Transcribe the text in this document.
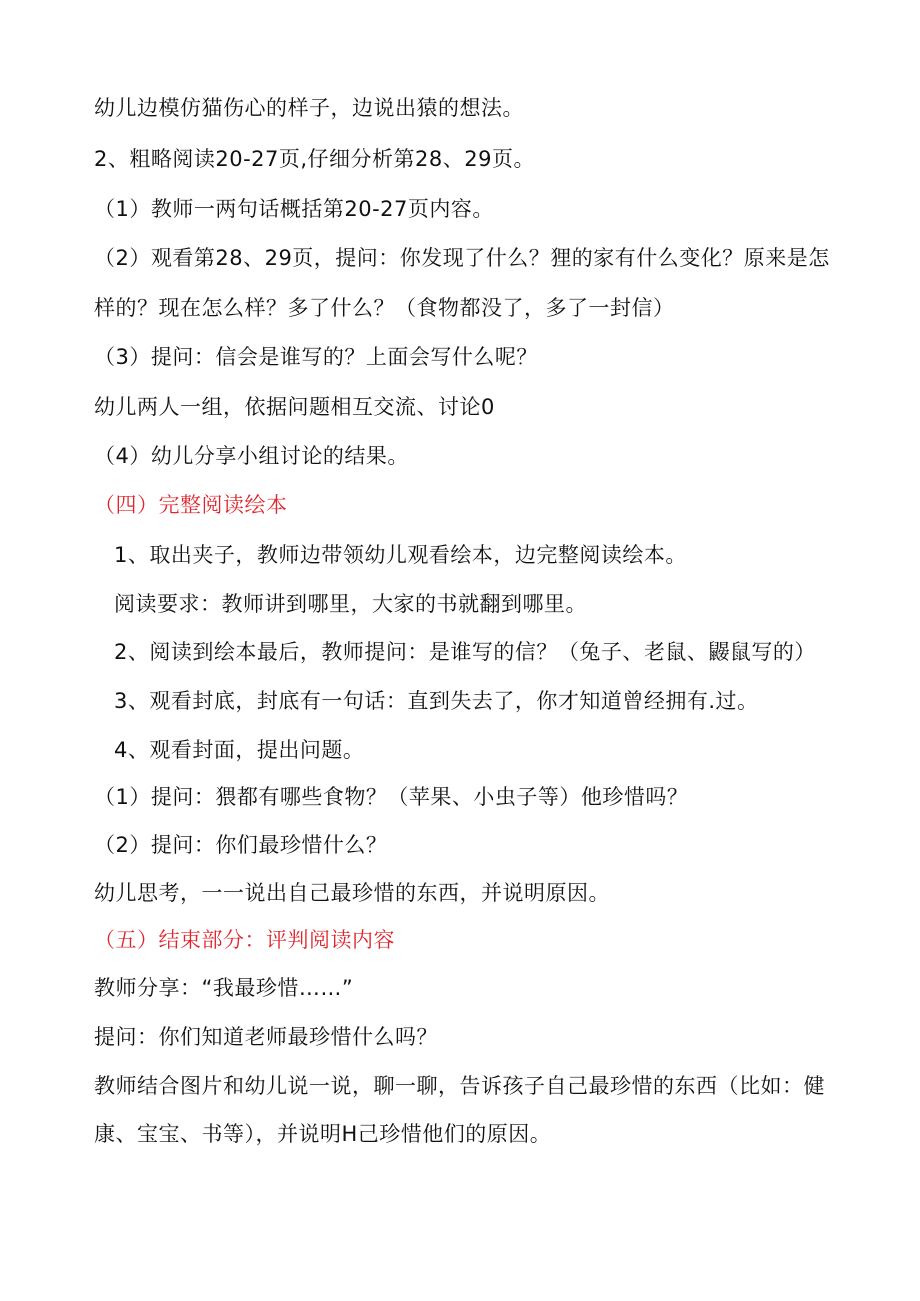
幼儿边模仿猫伤心的样子，边说出猿的想法。
2、粗略阅读20-27页,仔细分析第28、29页。
（1）教师一两句话概括第20-27页内容。
（2）观看第28、29页，提问：你发现了什么？狸的家有什么变化？原来是怎
样的？现在怎么样？多了什么？（食物都没了，多了一封信）
（3）提问：信会是谁写的？上面会写什么呢？
幼儿两人一组，依据问题相互交流、讨论0
（4）幼儿分享小组讨论的结果。
（四）完整阅读绘本
1、取出夹子，教师边带领幼儿观看绘本，边完整阅读绘本。
阅读要求：教师讲到哪里，大家的书就翻到哪里。
2、阅读到绘本最后，教师提问：是谁写的信？（兔子、老鼠、鼹鼠写的）
3、观看封底，封底有一句话：直到失去了，你才知道曾经拥有.过。
4、观看封面，提出问题。
（1）提问：猥都有哪些食物？（苹果、小虫子等）他珍惜吗？
（2）提问：你们最珍惜什么？
幼儿思考，一一说出自己最珍惜的东西，并说明原因。
（五）结束部分：评判阅读内容
教师分享：“我最珍惜……”
提问：你们知道老师最珍惜什么吗？
教师结合图片和幼儿说一说，聊一聊，告诉孩子自己最珍惜的东西（比如：健
康、宝宝、书等），并说明H己珍惜他们的原因。
